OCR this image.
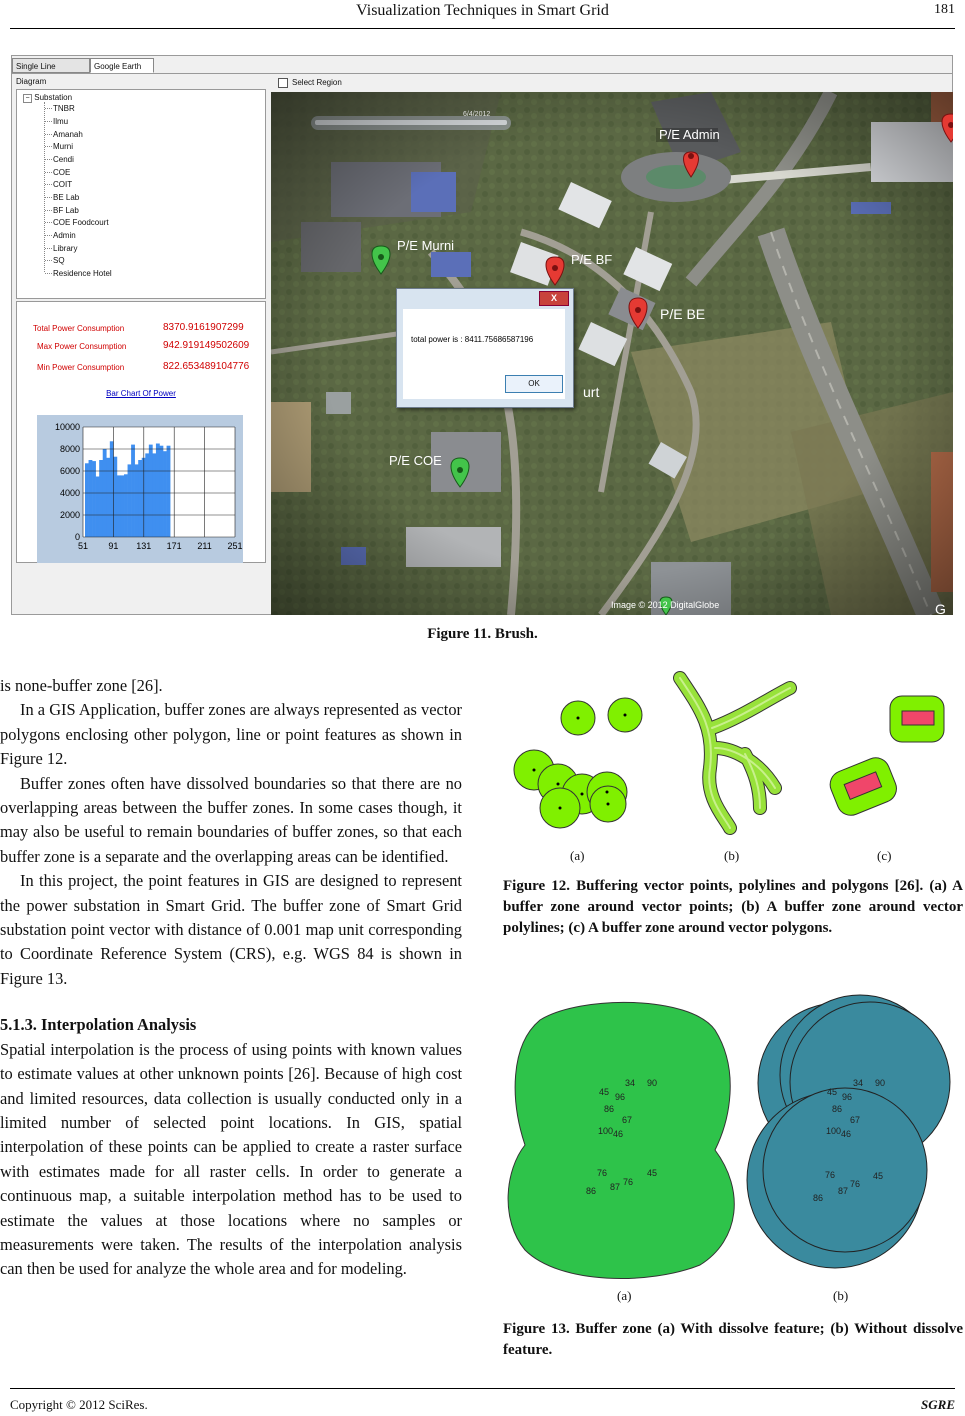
Visualization Techniques in Smart Grid	181
Single Line Diagram
Google Earth
− Substation
TNBR
Ilmu
Amanah
Murni
Cendi
COE
COIT
BE Lab
BF Lab
COE Foodcourt
Admin
Library
SQ
Residence Hotel
Total Power Consumption	8370.9161907299
Max Power Consumption	942.919149502609
Min Power Consumption	822.653489104776
Bar Chart Of Power
0
2000
4000
6000
8000
10000
51 91 131 171 211 251
Select Region
P/E Admin
P/E Murni
P/E BF
P/E BE
P/E COE
urt
Image © 2012 DigitalGlobe	G
X
total power is : 8411.75686587196
OK
Figure 11. Brush.
is none-buffer zone [26].
In a GIS Application, buffer zones are always represented as vector polygons enclosing other polygon, line or point features as shown in Figure 12.
Buffer zones often have dissolved boundaries so that there are no overlapping areas between the buffer zones. In some cases though, it may also be useful to remain boundaries of buffer zones, so that each buffer zone is a separate and the overlapping areas can be identified.
In this project, the point features in GIS are designed to represent the power substation in Smart Grid. The buffer zone of Smart Grid substation point vector with distance of 0.001 map unit corresponding to Coordinate Reference System (CRS), e.g. WGS 84 is shown in Figure 13.
5.1.3. Interpolation Analysis
Spatial interpolation is the process of using points with known values to estimate values at other unknown points [26]. Because of high cost and limited resources, data collection is usually conducted only in a limited number of selected point locations. In GIS, spatial interpolation of these points can be applied to create a raster surface with estimates made for all raster cells. In order to generate a continuous map, a suitable interpolation method has to be used to estimate the values at those locations where no samples or measurements were taken. The results of the interpolation analysis can then be used for analyze the whole area and for modeling.
(a)	(b)	(c)
Figure 12. Buffering vector points, polylines and polygons [26]. (a) A buffer zone around vector points; (b) A buffer zone around vector polylines; (c) A buffer zone around vector polygons.
34 90
45 96
86
67
100 46
76	45
76
86 87
34 90
45 96
86
67
100 46
76	45
76
86
87
(a)	(b)
Figure 13. Buffer zone (a) With dissolve feature; (b) Without dissolve feature.
Copyright © 2012 SciRes.	SGRE
